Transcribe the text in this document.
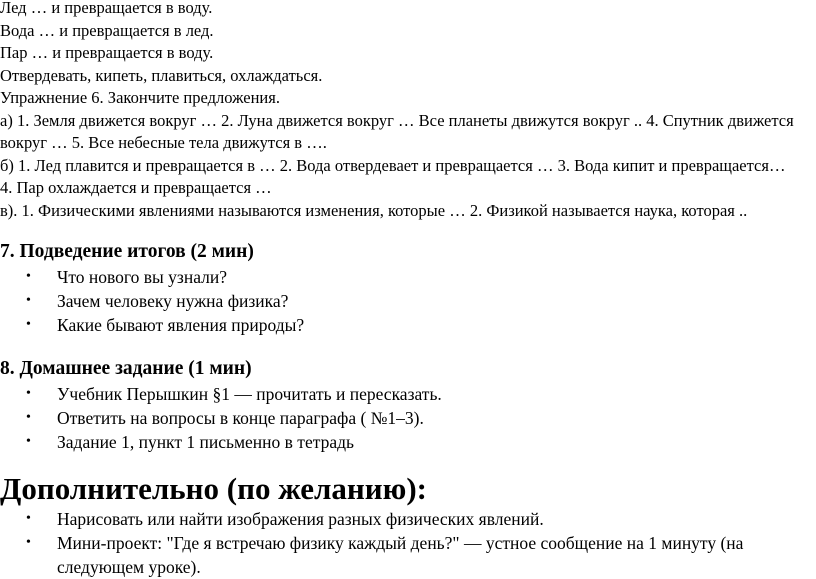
Лед … и превращается в воду.

Вода … и превращается в лед.

Пар … и превращается в воду.

Отвердевать, кипеть, плавиться, охлаждаться.

Упражнение 6. Закончите предложения.

а) 1. Земля движется вокруг … 2. Луна движется вокруг … Все планеты движутся вокруг .. 4. Спутник движется вокруг … 5. Все небесные тела движутся в ….

б) 1. Лед плавится и превращается в … 2. Вода отвердевает и превращается … 3. Вода кипит и превращается… 4. Пар охлаждается и превращается …

в). 1. Физическими явлениями называются изменения, которые … 2. Физикой называется наука, которая ..

7. Подведение итогов (2 мин)
• Что нового вы узнали?
• Зачем человеку нужна физика?
• Какие бывают явления природы?
8. Домашнее задание (1 мин)
• Учебник Перышкин §1 — прочитать и пересказать.
• Ответить на вопросы в конце параграфа ( №1–3).
• Задание 1, пункт 1 письменно в тетрадь
Дополнительно (по желанию):
• Нарисовать или найти изображения разных физических явлений.
• Мини-проект: "Где я встречаю физику каждый день?" — устное сообщение на 1 минуту (на следующем уроке).
